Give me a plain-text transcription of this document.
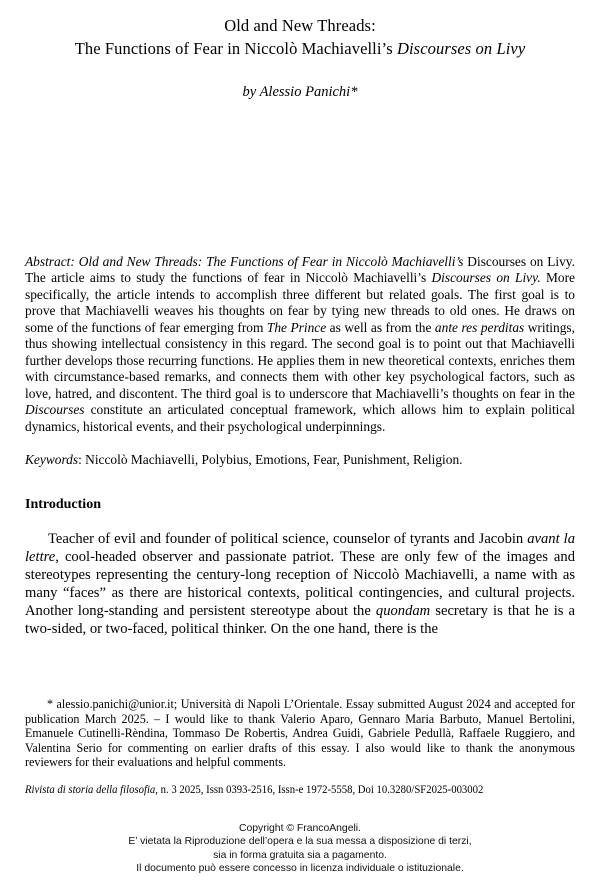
Old and New Threads:
The Functions of Fear in Niccolò Machiavelli’s Discourses on Livy
by Alessio Panichi*
Abstract: Old and New Threads: The Functions of Fear in Niccolò Machiavelli’s Discourses on Livy. The article aims to study the functions of fear in Niccolò Machiavelli’s Discourses on Livy. More specifically, the article intends to accomplish three different but related goals. The first goal is to prove that Machiavelli weaves his thoughts on fear by tying new threads to old ones. He draws on some of the functions of fear emerging from The Prince as well as from the ante res perditas writings, thus showing intellectual consistency in this regard. The second goal is to point out that Machiavelli further develops those recurring functions. He applies them in new theoretical contexts, enriches them with circumstance-based remarks, and connects them with other key psychological factors, such as love, hatred, and discontent. The third goal is to underscore that Machiavelli’s thoughts on fear in the Discourses constitute an articulated conceptual framework, which allows him to explain political dynamics, historical events, and their psychological underpinnings.
Keywords: Niccolò Machiavelli, Polybius, Emotions, Fear, Punishment, Religion.
Introduction
Teacher of evil and founder of political science, counselor of tyrants and Jacobin avant la lettre, cool-headed observer and passionate patriot. These are only few of the images and stereotypes representing the century-long reception of Niccolò Machiavelli, a name with as many “faces” as there are historical contexts, political contingencies, and cultural projects. Another long-standing and persistent stereotype about the quondam secretary is that he is a two-sided, or two-faced, political thinker. On the one hand, there is the
* alessio.panichi@unior.it; Università di Napoli L’Orientale. Essay submitted August 2024 and accepted for publication March 2025. – I would like to thank Valerio Aparo, Gennaro Maria Barbuto, Manuel Bertolini, Emanuele Cutinelli-Rèndina, Tommaso De Robertis, Andrea Guidi, Gabriele Pedullà, Raffaele Ruggiero, and Valentina Serio for commenting on earlier drafts of this essay. I also would like to thank the anonymous reviewers for their evaluations and helpful comments.
Rivista di storia della filosofia, n. 3 2025, Issn 0393-2516, Issn-e 1972-5558, Doi 10.3280/SF2025-003002
Copyright © FrancoAngeli.
E’ vietata la Riproduzione dell’opera e la sua messa a disposizione di terzi,
sia in forma gratuita sia a pagamento.
Il documento può essere concesso in licenza individuale o istituzionale.
